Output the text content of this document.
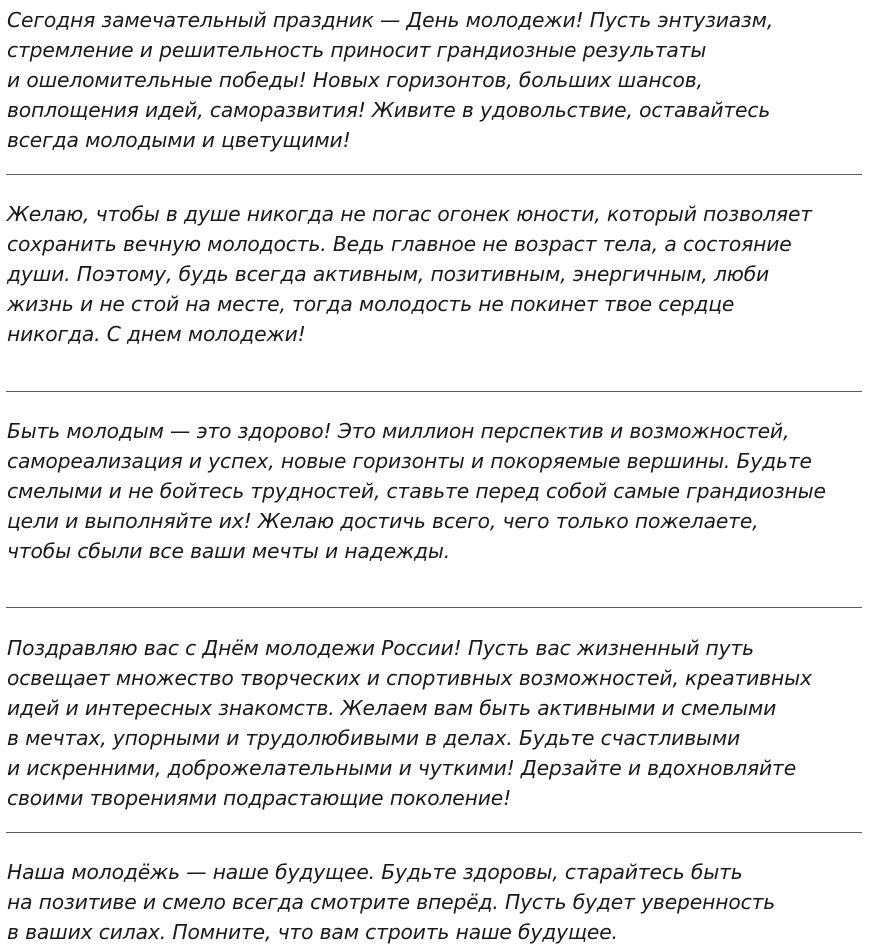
Сегодня замечательный праздник — День молодежи! Пусть энтузиазм,
стремление и решительность приносит грандиозные результаты
и ошеломительные победы! Новых горизонтов, больших шансов,
воплощения идей, саморазвития! Живите в удовольствие, оставайтесь
всегда молодыми и цветущими!

Желаю, чтобы в душе никогда не погас огонек юности, который позволяет
сохранить вечную молодость. Ведь главное не возраст тела, а состояние
души. Поэтому, будь всегда активным, позитивным, энергичным, люби
жизнь и не стой на месте, тогда молодость не покинет твое сердце
никогда. С днем молодежи!

Быть молодым — это здорово! Это миллион перспектив и возможностей,
самореализация и успех, новые горизонты и покоряемые вершины. Будьте
смелыми и не бойтесь трудностей, ставьте перед собой самые грандиозные
цели и выполняйте их! Желаю достичь всего, чего только пожелаете,
чтобы сбыли все ваши мечты и надежды.

Поздравляю вас с Днём молодежи России! Пусть вас жизненный путь
освещает множество творческих и спортивных возможностей, креативных
идей и интересных знакомств. Желаем вам быть активными и смелыми
в мечтах, упорными и трудолюбивыми в делах. Будьте счастливыми
и искренними, доброжелательными и чуткими! Дерзайте и вдохновляйте
своими творениями подрастающие поколение!

Наша молодёжь — наше будущее. Будьте здоровы, старайтесь быть
на позитиве и смело всегда смотрите вперёд. Пусть будет уверенность
в ваших силах. Помните, что вам строить наше будущее.
